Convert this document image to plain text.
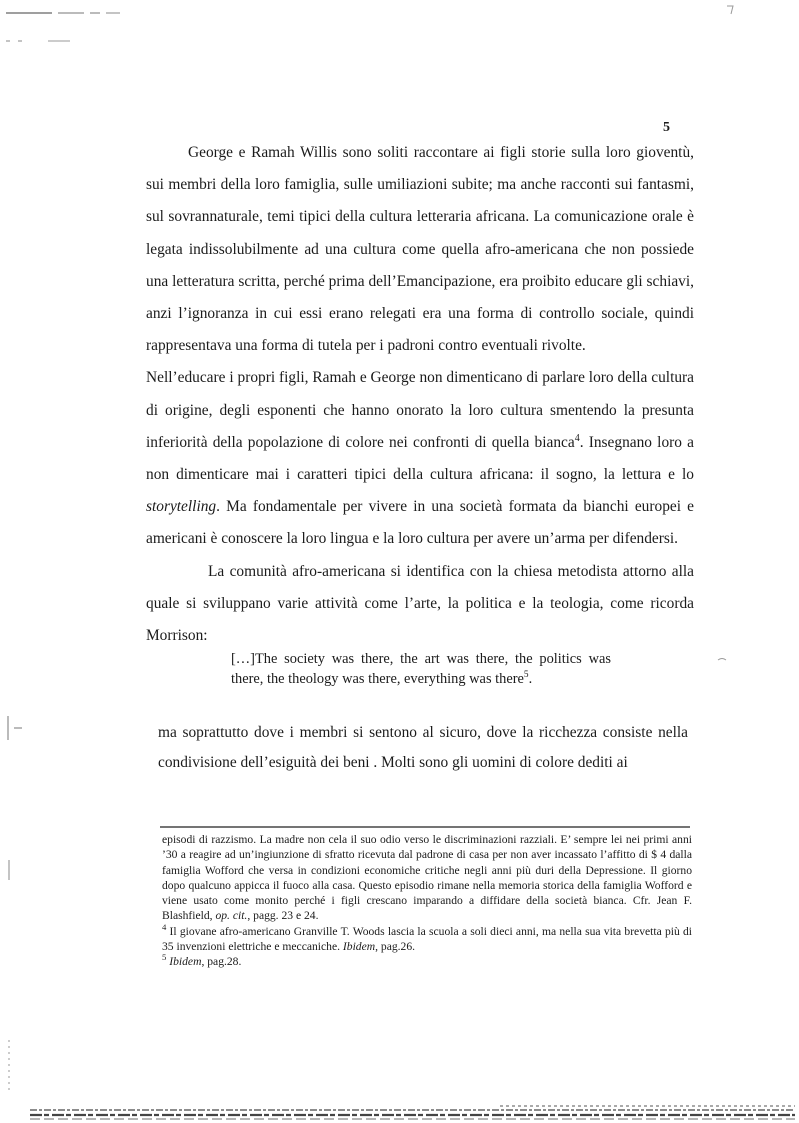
5

George e Ramah Willis sono soliti raccontare ai figli storie sulla loro gioventù, sui membri della loro famiglia, sulle umiliazioni subite; ma anche racconti sui fantasmi, sul sovrannaturale, temi tipici della cultura letteraria africana. La comunicazione orale è legata indissolubilmente ad una cultura come quella afro-americana che non possiede una letteratura scritta, perché prima dell’Emancipazione, era proibito educare gli schiavi, anzi l’ignoranza in cui essi erano relegati era una forma di controllo sociale, quindi rappresentava una forma di tutela per i padroni contro eventuali rivolte.

Nell’educare i propri figli, Ramah e George non dimenticano di parlare loro della cultura di origine, degli esponenti che hanno onorato la loro cultura smentendo la presunta inferiorità della popolazione di colore nei confronti di quella bianca$^4$. Insegnano loro a non dimenticare mai i caratteri tipici della cultura africana: il sogno, la lettura e lo storytelling. Ma fondamentale per vivere in una società formata da bianchi europei e americani è conoscere la loro lingua e la loro cultura per avere un’arma per difendersi.

La comunità afro-americana si identifica con la chiesa metodista attorno alla quale si sviluppano varie attività come l’arte, la politica e la teologia, come ricorda Morrison:

[…]The society was there, the art was there, the politics was there, the theology was there, everything was there$^5$.
ma soprattutto dove i membri si sentono al sicuro, dove la ricchezza consiste nella condivisione dell’esiguità dei beni . Molti sono gli uomini di colore dediti ai

episodi di razzismo. La madre non cela il suo odio verso le discriminazioni razziali. E’ sempre lei nei primi anni ’30 a reagire ad un’ingiunzione di sfratto ricevuta dal padrone di casa per non aver incassato l’affitto di $ 4 dalla famiglia Wofford che versa in condizioni economiche critiche negli anni più duri della Depressione. Il giorno dopo qualcuno appicca il fuoco alla casa. Questo episodio rimane nella memoria storica della famiglia Wofford e viene usato come monito perché i figli crescano imparando a diffidare della società bianca. Cfr. Jean F. Blashfield, op. cit., pagg. 23 e 24.

$^4$ Il giovane afro-americano Granville T. Woods lascia la scuola a soli dieci anni, ma nella sua vita brevetta più di 35 invenzioni elettriche e meccaniche. Ibidem, pag.26.

$^5$ Ibidem, pag.28.
